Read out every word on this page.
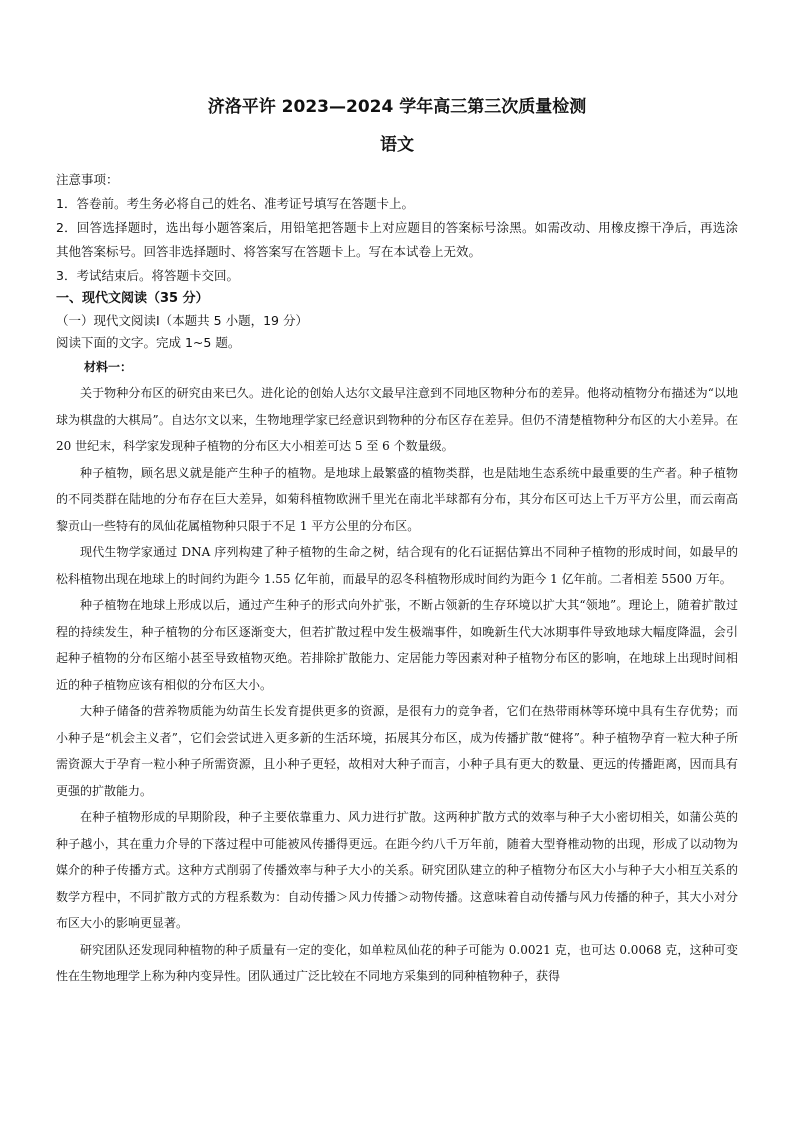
济洛平许 2023—2024 学年高三第三次质量检测
语文

注意事项：

1．答卷前。考生务必将自己的姓名、准考证号填写在答题卡上。

2．回答选择题时，选出每小题答案后，用铅笔把答题卡上对应题目的答案标号涂黑。如需改动、用橡皮擦干净后，再选涂其他答案标号。回答非选择题时、将答案写在答题卡上。写在本试卷上无效。

3．考试结束后。将答题卡交回。

一、现代文阅读（35 分）

（一）现代文阅读Ⅰ（本题共 5 小题，19 分）

阅读下面的文字。完成 1~5 题。

材料一：

关于物种分布区的研究由来已久。进化论的创始人达尔文最早注意到不同地区物种分布的差异。他将动植物分布描述为“以地球为棋盘的大棋局”。自达尔文以来，生物地理学家已经意识到物种的分布区存在差异。但仍不清楚植物种分布区的大小差异。在 20 世纪末，科学家发现种子植物的分布区大小相差可达 5 至 6 个数量级。

种子植物，顾名思义就是能产生种子的植物。是地球上最繁盛的植物类群，也是陆地生态系统中最重要的生产者。种子植物的不同类群在陆地的分布存在巨大差异，如菊科植物欧洲千里光在南北半球都有分布，其分布区可达上千万平方公里，而云南高黎贡山一些特有的凤仙花属植物种只限于不足 1 平方公里的分布区。

现代生物学家通过 DNA 序列构建了种子植物的生命之树，结合现有的化石证据估算出不同种子植物的形成时间，如最早的松科植物出现在地球上的时间约为距今 1.55 亿年前，而最早的忍冬科植物形成时间约为距今 1 亿年前。二者相差 5500 万年。

种子植物在地球上形成以后，通过产生种子的形式向外扩张，不断占领新的生存环境以扩大其“领地”。理论上，随着扩散过程的持续发生，种子植物的分布区逐渐变大，但若扩散过程中发生极端事件，如晚新生代大冰期事件导致地球大幅度降温，会引起种子植物的分布区缩小甚至导致植物灭绝。若排除扩散能力、定居能力等因素对种子植物分布区的影响，在地球上出现时间相近的种子植物应该有相似的分布区大小。

大种子储备的营养物质能为幼苗生长发育提供更多的资源，是很有力的竞争者，它们在热带雨林等环境中具有生存优势；而小种子是“机会主义者”，它们会尝试进入更多新的生活环境，拓展其分布区，成为传播扩散“健将”。种子植物孕育一粒大种子所需资源大于孕育一粒小种子所需资源，且小种子更轻，故相对大种子而言，小种子具有更大的数量、更远的传播距离，因而具有更强的扩散能力。

在种子植物形成的早期阶段，种子主要依靠重力、风力进行扩散。这两种扩散方式的效率与种子大小密切相关，如蒲公英的种子越小，其在重力介导的下落过程中可能被风传播得更远。在距今约八千万年前，随着大型脊椎动物的出现，形成了以动物为媒介的种子传播方式。这种方式削弱了传播效率与种子大小的关系。研究团队建立的种子植物分布区大小与种子大小相互关系的数学方程中，不同扩散方式的方程系数为：自动传播＞风力传播＞动物传播。这意味着自动传播与风力传播的种子，其大小对分布区大小的影响更显著。

研究团队还发现同种植物的种子质量有一定的变化，如单粒凤仙花的种子可能为 0.0021 克，也可达 0.0068 克，这种可变性在生物地理学上称为种内变异性。团队通过广泛比较在不同地方采集到的同种植物种子，获得
